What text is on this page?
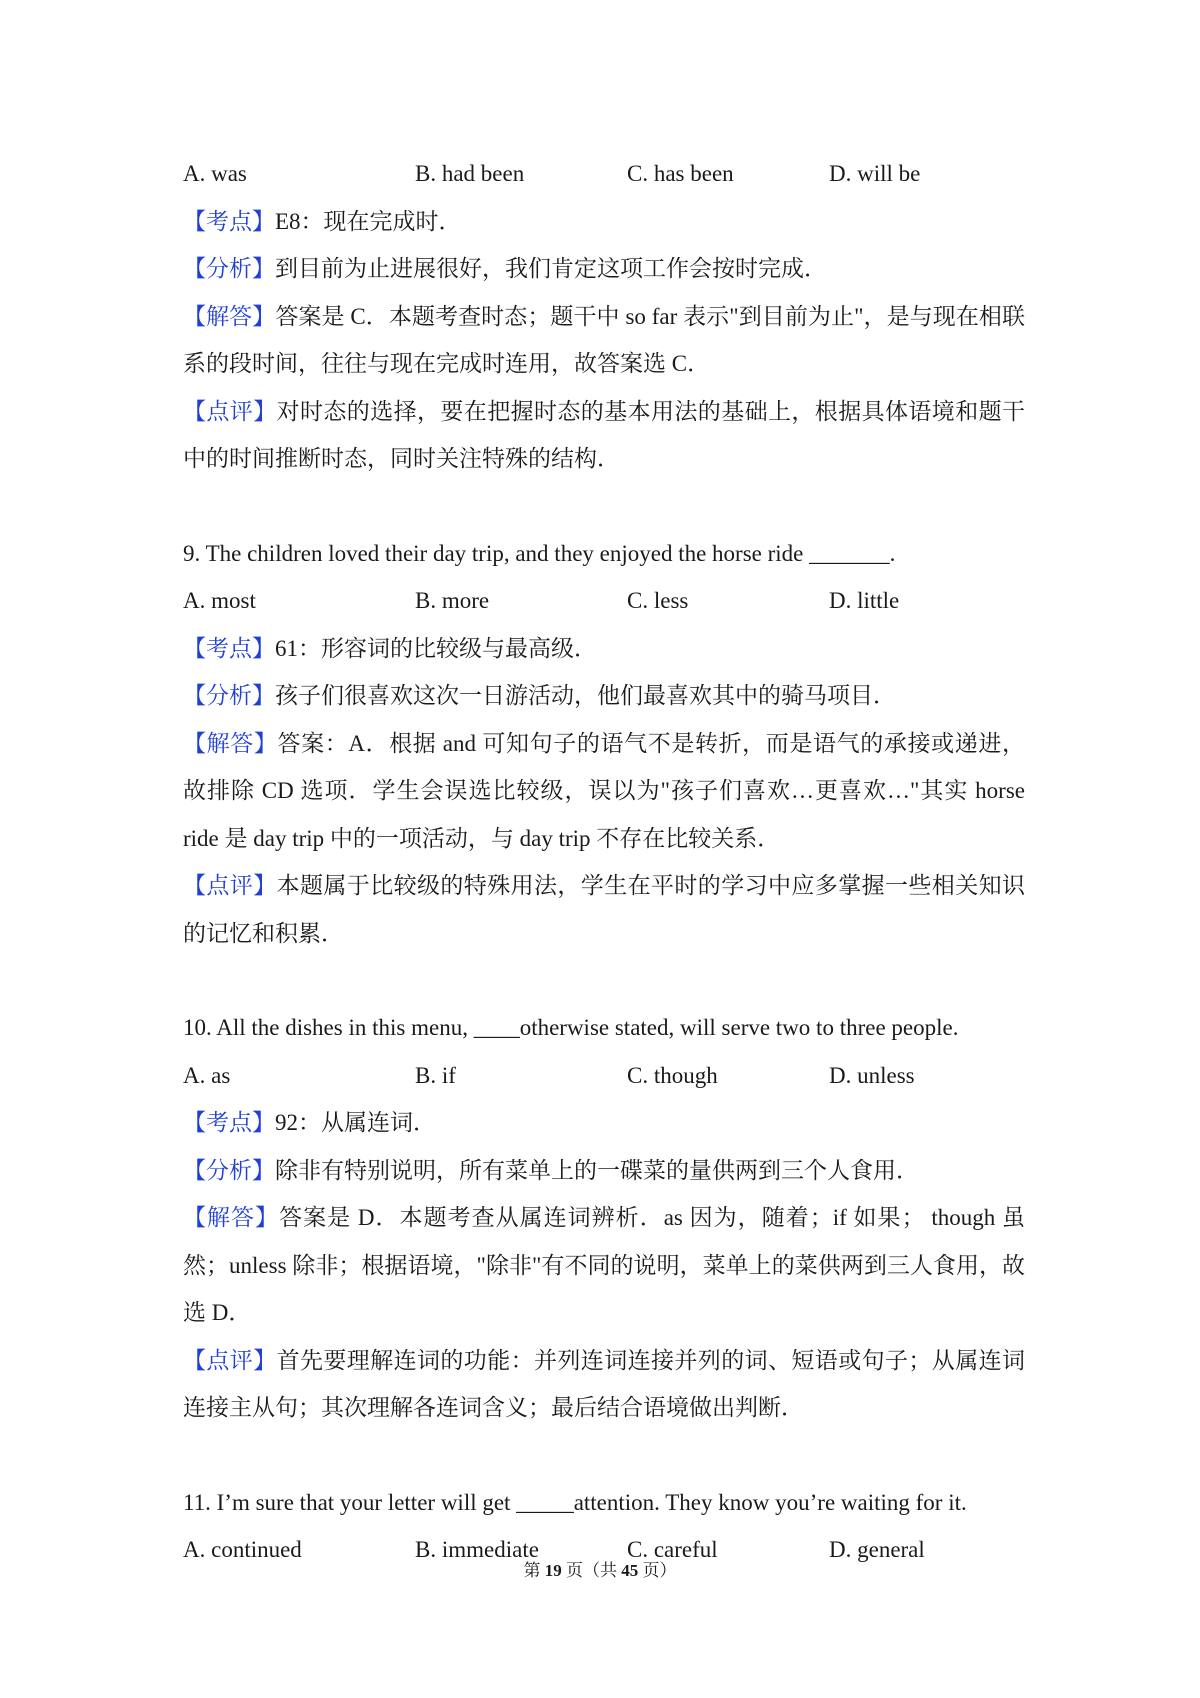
A. was	B. had been	C. has been	D. will be
【考点】E8：现在完成时．
【分析】到目前为止进展很好，我们肯定这项工作会按时完成．
【解答】答案是 C．本题考查时态；题干中 so far 表示"到目前为止"，是与现在相联系的段时间，往往与现在完成时连用，故答案选 C．
【点评】对时态的选择，要在把握时态的基本用法的基础上，根据具体语境和题干中的时间推断时态，同时关注特殊的结构．
9. The children loved their day trip, and they enjoyed the horse ride _______.
A. most	B. more	C. less	D. little
【考点】61：形容词的比较级与最高级．
【分析】孩子们很喜欢这次一日游活动，他们最喜欢其中的骑马项目．
【解答】答案：A．根据 and 可知句子的语气不是转折，而是语气的承接或递进，故排除 CD 选项．学生会误选比较级，误以为"孩子们喜欢…更喜欢…"其实 horse ride 是 day trip 中的一项活动，与 day trip 不存在比较关系．
【点评】本题属于比较级的特殊用法，学生在平时的学习中应多掌握一些相关知识的记忆和积累．
10. All the dishes in this menu, ____otherwise stated, will serve two to three people.
A. as	B. if	C. though	D. unless
【考点】92：从属连词．
【分析】除非有特别说明，所有菜单上的一碟菜的量供两到三个人食用．
【解答】答案是 D．本题考查从属连词辨析．as 因为，随着；if 如果； though 虽然；unless 除非；根据语境，"除非"有不同的说明，菜单上的菜供两到三人食用，故选 D．
【点评】首先要理解连词的功能：并列连词连接并列的词、短语或句子；从属连词连接主从句；其次理解各连词含义；最后结合语境做出判断．
11. I’m sure that your letter will get _____attention. They know you’re waiting for it.
A. continued	B. immediate	C. careful	D. general
第 19 页（共 45 页）
